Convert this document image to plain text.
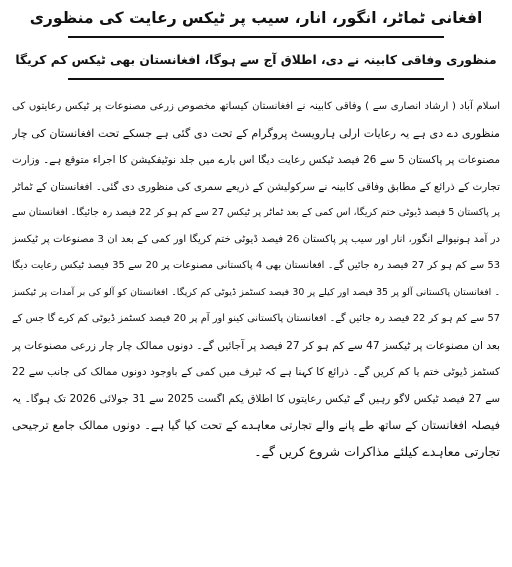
افغانی ٹماٹر، انگور، انار، سیب پر ٹیکس رعایت کی منظوری
منظوری وفاقی کابینہ نے دی، اطلاق آج سے ہوگا، افغانستان بھی ٹیکس کم کریگا
اسلام آباد ( ارشاد انصاری سے ) وفاقی کابینہ نے افغانستان کیساتھ مخصوص زرعی مصنوعات پر ٹیکس رعایتوں کی
منظوری دے دی ہے یہ رعایات ارلی ہارویسٹ پروگرام کے تحت دی گئی ہے جسکے تحت افغانستان کی چار
مصنوعات پر پاکستان 5 سے 26 فیصد ٹیکس رعایت دیگا اس بارے میں جلد نوٹیفکیشن کا اجراء متوقع ہے۔ وزارت
تجارت کے ذرائع کے مطابق وفاقی کابینہ نے سرکولیشن کے ذریعے سمری کی منظوری دی گئی۔ افغانستان کے ٹماٹر
پر پاکستان 5 فیصد ڈیوٹی ختم کریگا، اس کمی کے بعد ٹماٹر پر ٹیکس 27 سے کم ہو کر 22 فیصد رہ جائیگا۔ افغانستان سے
در آمد ہونیوالے انگور، انار اور سیب پر پاکستان 26 فیصد ڈیوٹی ختم کریگا اور کمی کے بعد ان 3 مصنوعات پر ٹیکسز
53 سے کم ہو کر 27 فیصد رہ جائیں گے۔ افغانستان بھی 4 پاکستانی مصنوعات پر 20 سے 35 فیصد ٹیکس رعایت دیگا
۔ افغانستان پاکستانی آلو پر 35 فیصد اور کیلے پر 30 فیصد کسٹمز ڈیوٹی کم کریگا۔ افغانستان کو آلو کی بر آمدات پر ٹیکسز
57 سے کم ہو کر 22 فیصد رہ جائیں گے۔ افغانستان پاکستانی کینو اور آم پر 20 فیصد کسٹمز ڈیوٹی کم کرے گا جس کے
بعد ان مصنوعات پر ٹیکسز 47 سے کم ہو کر 27 فیصد پر آجائیں گے۔ دونوں ممالک چار چار زرعی مصنوعات پر
کسٹمز ڈیوٹی ختم یا کم کریں گے۔ ذرائع کا کہنا ہے کہ ٹیرف میں کمی کے باوجود دونوں ممالک کی جانب سے 22
سے 27 فیصد ٹیکس لاگو رہیں گے ٹیکس رعایتوں کا اطلاق یکم اگست 2025 سے 31 جولائی 2026 تک ہوگا۔ یہ
فیصلہ افغانستان کے ساتھ طے پانے والے تجارتی معاہدے کے تحت کیا گیا ہے۔ دونوں ممالک جامع ترجیحی
تجارتی معاہدے کیلئے مذاکرات شروع کریں گے۔
